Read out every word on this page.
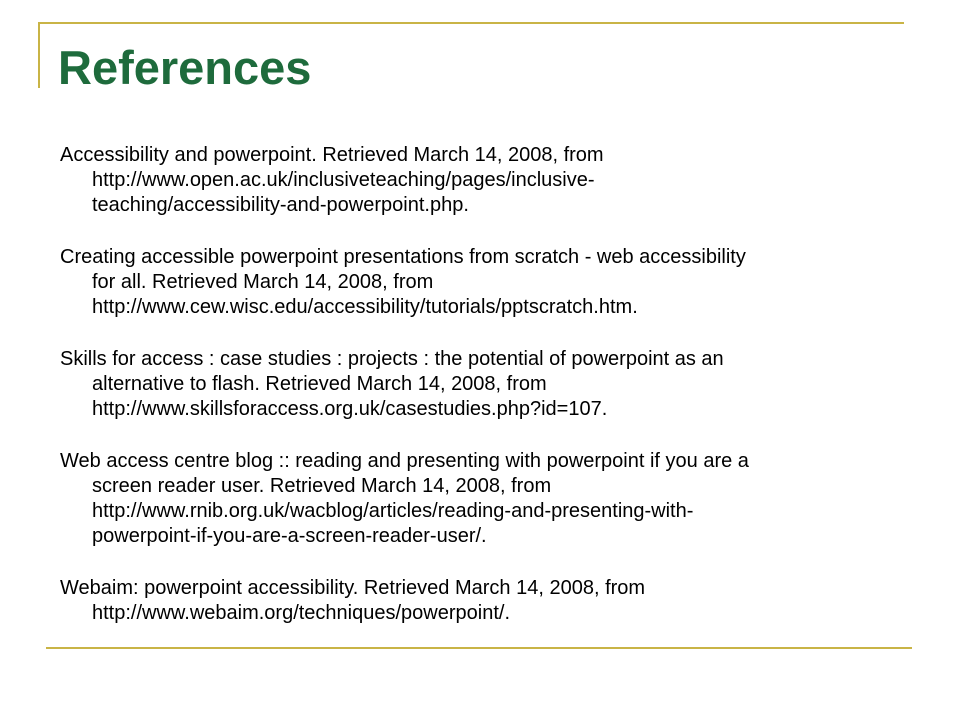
References
Accessibility and powerpoint. Retrieved March 14, 2008, from
http://www.open.ac.uk/inclusiveteaching/pages/inclusive-
teaching/accessibility-and-powerpoint.php.
Creating accessible powerpoint presentations from scratch - web accessibility
for all. Retrieved March 14, 2008, from
http://www.cew.wisc.edu/accessibility/tutorials/pptscratch.htm.
Skills for access : case studies : projects : the potential of powerpoint as an
alternative to flash. Retrieved March 14, 2008, from
http://www.skillsforaccess.org.uk/casestudies.php?id=107.
Web access centre blog :: reading and presenting with powerpoint if you are a
screen reader user. Retrieved March 14, 2008, from
http://www.rnib.org.uk/wacblog/articles/reading-and-presenting-with-
powerpoint-if-you-are-a-screen-reader-user/.
Webaim: powerpoint accessibility. Retrieved March 14, 2008, from
http://www.webaim.org/techniques/powerpoint/.
